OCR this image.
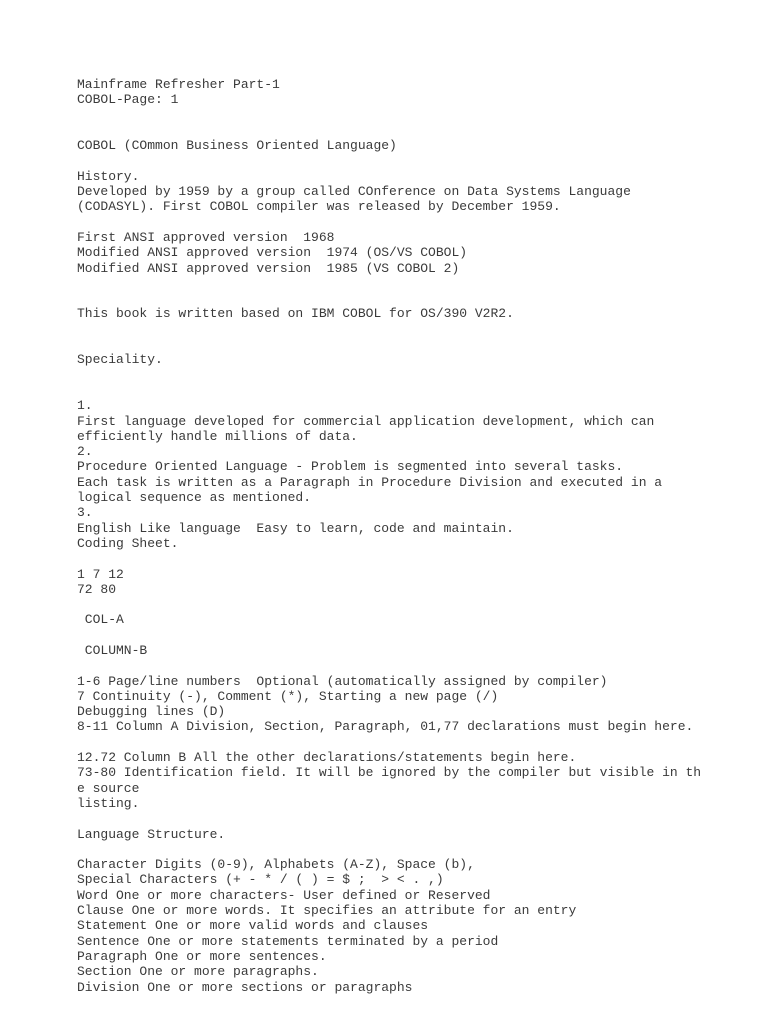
Mainframe Refresher Part-1
COBOL-Page: 1
COBOL (COmmon Business Oriented Language)
History.
Developed by 1959 by a group called COnference on Data Systems Language
(CODASYL). First COBOL compiler was released by December 1959.
First ANSI approved version  1968
Modified ANSI approved version  1974 (OS/VS COBOL)
Modified ANSI approved version  1985 (VS COBOL 2)
This book is written based on IBM COBOL for OS/390 V2R2.
Speciality.
1.
First language developed for commercial application development, which can
efficiently handle millions of data.
2.
Procedure Oriented Language - Problem is segmented into several tasks.
Each task is written as a Paragraph in Procedure Division and executed in a
logical sequence as mentioned.
3.
English Like language  Easy to learn, code and maintain.
Coding Sheet.
1 7 12
72 80
COL-A
COLUMN-B
1-6 Page/line numbers  Optional (automatically assigned by compiler)
7 Continuity (-), Comment (*), Starting a new page (/)
Debugging lines (D)
8-11 Column A Division, Section, Paragraph, 01,77 declarations must begin here.
12.72 Column B All the other declarations/statements begin here.
73-80 Identification field. It will be ignored by the compiler but visible in th
e source
listing.
Language Structure.
Character Digits (0-9), Alphabets (A-Z), Space (b),
Special Characters (+ - * / ( ) = $ ;  > < . ,)
Word One or more characters- User defined or Reserved
Clause One or more words. It specifies an attribute for an entry
Statement One or more valid words and clauses
Sentence One or more statements terminated by a period
Paragraph One or more sentences.
Section One or more paragraphs.
Division One or more sections or paragraphs
